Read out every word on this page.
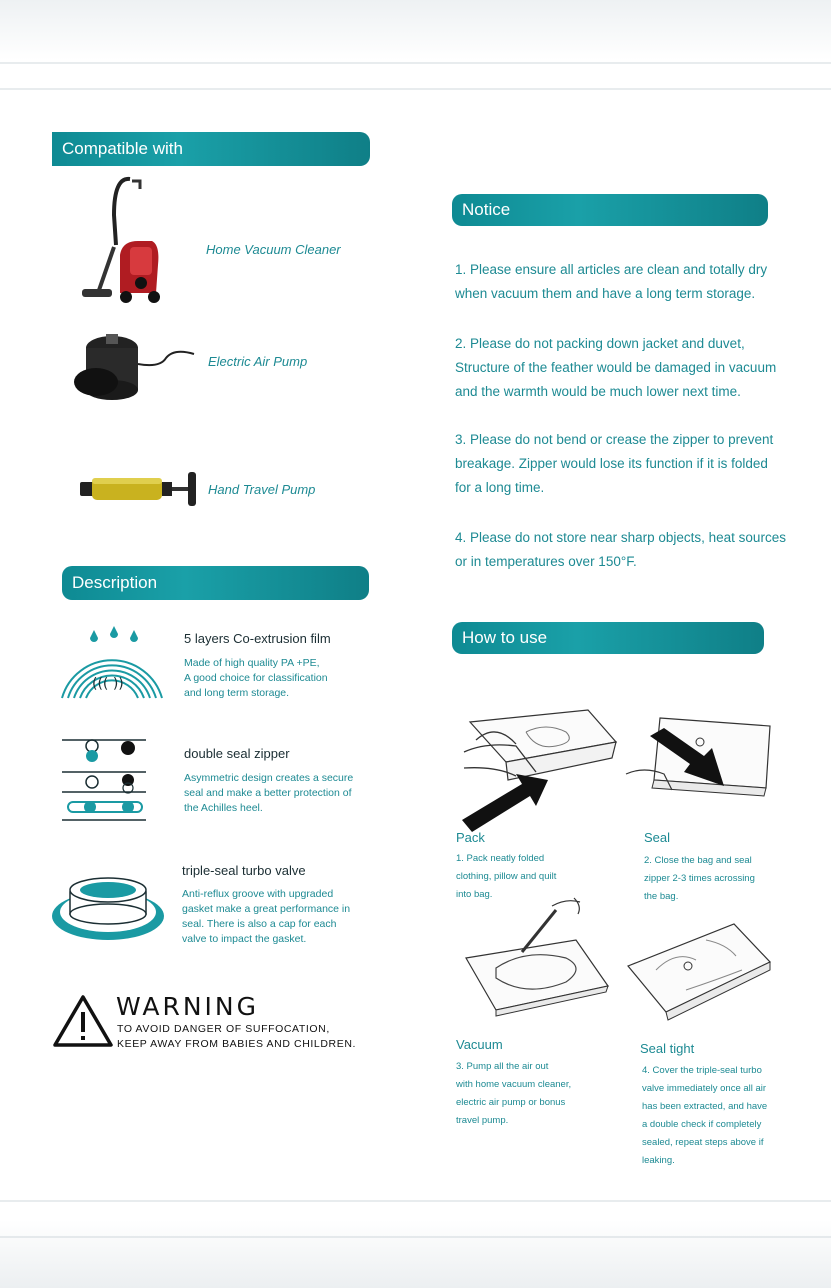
Compatible with
Home Vacuum Cleaner
Electric Air Pump
Hand Travel Pump
Description
((( ))
5 layers Co-extrusion film
Made of high quality PA +PE,
A good choice for classification
and long term storage.
double seal zipper
Asymmetric design creates a secure
seal and make a better protection of
the Achilles heel.
triple-seal turbo valve
Anti-reflux groove with upgraded
gasket make a great performance in
seal. There is also a cap for each
valve to impact the gasket.
WARNING
TO AVOID DANGER OF SUFFOCATION,
KEEP AWAY FROM BABIES AND CHILDREN.
Notice
1. Please ensure all articles are clean and totally dry
when vacuum them and have a long term storage.
2. Please do not packing down jacket and duvet,
Structure of the feather would be damaged in vacuum
and the warmth would be much lower next time.
3. Please do not bend or crease the zipper to prevent
breakage. Zipper would lose its function if it is folded
for a long time.
4. Please do not store near sharp objects, heat sources
or in temperatures over 150°F.
How to use
Pack
1. Pack neatly folded
clothing, pillow and quilt
into bag.
Seal
2. Close the bag and seal
zipper 2-3 times acrossing
the bag.
Vacuum
3. Pump all the air out
with home vacuum cleaner,
electric air pump or bonus
travel pump.
Seal tight
4. Cover the triple-seal turbo
valve immediately once all air
has been extracted, and have
a double check if completely
sealed, repeat steps above if
leaking.
